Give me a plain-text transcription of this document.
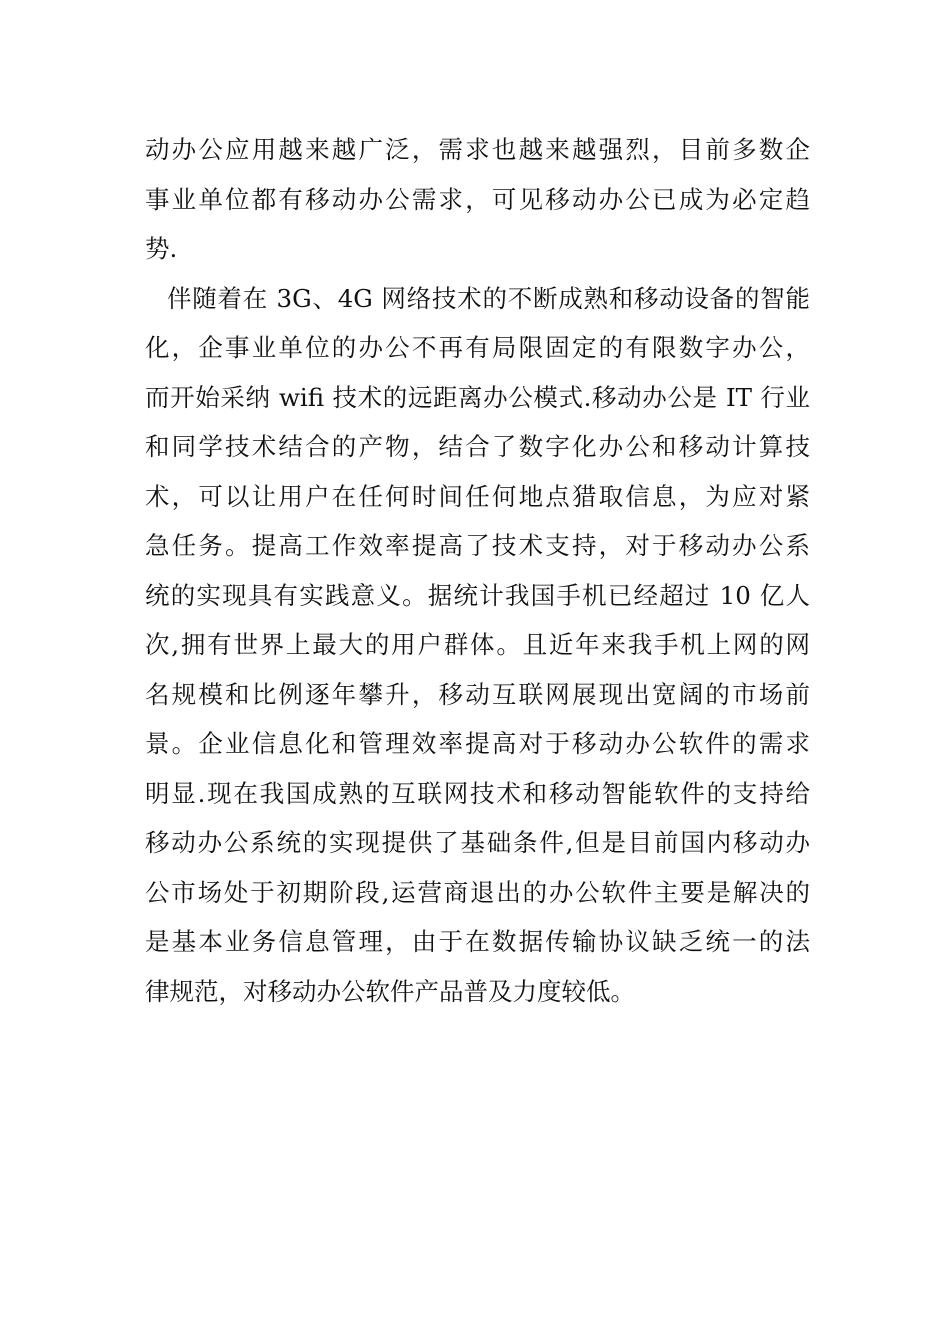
动办公应用越来越广泛，需求也越来越强烈，目前多数企
事业单位都有移动办公需求，可见移动办公已成为必定趋
势.
伴随着在 3G、4G 网络技术的不断成熟和移动设备的智能
化，企事业单位的办公不再有局限固定的有限数字办公，
而开始采纳 wifi 技术的远距离办公模式.移动办公是 IT 行业
和同学技术结合的产物，结合了数字化办公和移动计算技
术，可以让用户在任何时间任何地点猎取信息，为应对紧
急任务。提高工作效率提高了技术支持，对于移动办公系
统的实现具有实践意义。据统计我国手机已经超过 10 亿人
次,拥有世界上最大的用户群体。且近年来我手机上网的网
名规模和比例逐年攀升，移动互联网展现出宽阔的市场前
景。企业信息化和管理效率提高对于移动办公软件的需求
明显.现在我国成熟的互联网技术和移动智能软件的支持给
移动办公系统的实现提供了基础条件,但是目前国内移动办
公市场处于初期阶段,运营商退出的办公软件主要是解决的
是基本业务信息管理，由于在数据传输协议缺乏统一的法
律规范，对移动办公软件产品普及力度较低。
